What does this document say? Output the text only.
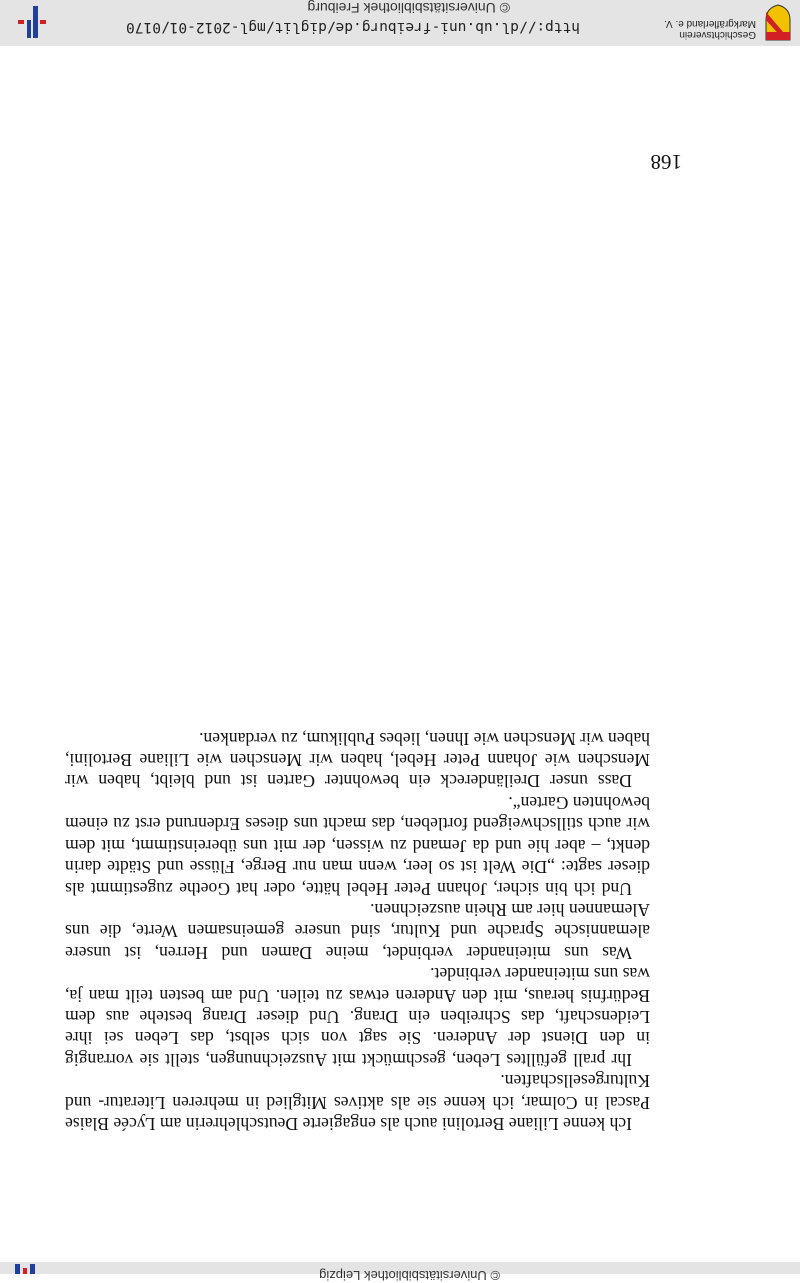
© Universitätsbibliothek Leipzig
168

Ich kenne Liliane Bertolini auch als engagierte Deutschlehrerin am Lycée Blaise Pascal in Colmar, ich kenne sie als aktives Mitglied in mehreren Literatur- und Kulturgesellschaften.

Ihr prall gefülltes Leben, geschmückt mit Auszeichnungen, stellt sie vorrangig in den Dienst der Anderen. Sie sagt von sich selbst, das Leben sei ihre Leidenschaft, das Schreiben ein Drang. Und dieser Drang bestehe aus dem Bedürfnis heraus, mit den Anderen etwas zu teilen. Und am besten teilt man ja, was uns miteinander verbindet.

Was uns miteinander verbindet, meine Damen und Herren, ist unsere alemannische Sprache und Kultur, sind unsere gemeinsamen Werte, die uns Alemannen hier am Rhein auszeichnen.

Und ich bin sicher, Johann Peter Hebel hätte, oder hat Goethe zugestimmt als dieser sagte: „Die Welt ist so leer, wenn man nur Berge, Flüsse und Städte darin denkt, – aber hie und da Jemand zu wissen, der mit uns übereinstimmt, mit dem wir auch stillschweigend fortleben, das macht uns dieses Erdenrund erst zu einem bewohnten Garten“.

Dass unser Dreiländereck ein bewohnter Garten ist und bleibt, haben wir Menschen wie Johann Peter Hebel, haben wir Menschen wie Liliane Bertolini, haben wir Menschen wie Ihnen, liebes Publikum, zu verdanken.

Geschichtsverein
Markgräflerland e. V.
http://dl.ub.uni-freiburg.de/diglit/mgl-2012-01/0170
© Universitätsbibliothek Freiburg
